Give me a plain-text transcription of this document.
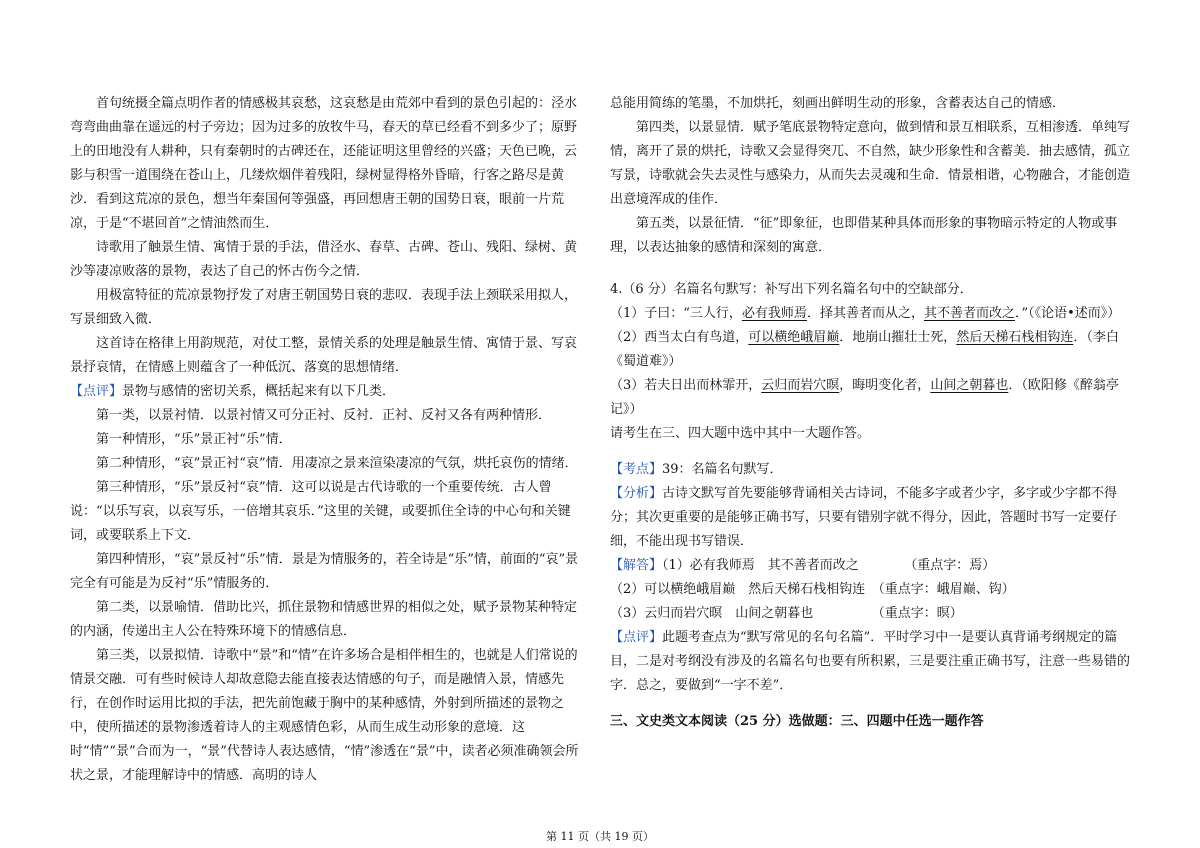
首句统摄全篇点明作者的情感极其哀愁，这哀愁是由荒郊中看到的景色引起的：泾水弯弯曲曲靠在遥远的村子旁边；因为过多的放牧牛马，春天的草已经看不到多少了；原野上的田地没有人耕种，只有秦朝时的古碑还在，还能证明这里曾经的兴盛；天色已晚，云影与积雪一道围绕在苍山上，几缕炊烟伴着残阳，绿树显得格外昏暗，行客之路尽是黄沙．看到这荒凉的景色，想当年秦国何等强盛，再回想唐王朝的国势日衰，眼前一片荒凉，于是“不堪回首”之情油然而生．

诗歌用了触景生情、寓情于景的手法，借泾水、春草、古碑、苍山、残阳、绿树、黄沙等凄凉败落的景物，表达了自己的怀古伤今之情．

用极富特征的荒凉景物抒发了对唐王朝国势日衰的悲叹．表现手法上颈联采用拟人，写景细致入微．

这首诗在格律上用韵规范，对仗工整，景情关系的处理是触景生情、寓情于景、写哀景抒哀情，在情感上则蕴含了一种低沉、落寞的思想情绪．

【点评】景物与感情的密切关系，概括起来有以下几类．

第一类，以景衬情．以景衬情又可分正衬、反衬．正衬、反衬又各有两种情形．

第一种情形，“乐”景正衬“乐”情．

第二种情形，“哀”景正衬“哀”情．用凄凉之景来渲染凄凉的气氛，烘托哀伤的情绪．

第三种情形，“乐”景反衬“哀”情．这可以说是古代诗歌的一个重要传统．古人曾说：“以乐写哀，以哀写乐，一倍增其哀乐．”这里的关键，或要抓住全诗的中心句和关键词，或要联系上下文．

第四种情形，“哀”景反衬“乐”情．景是为情服务的，若全诗是“乐”情，前面的“哀”景完全有可能是为反衬“乐”情服务的．

第二类，以景喻情．借助比兴，抓住景物和情感世界的相似之处，赋予景物某种特定的内涵，传递出主人公在特殊环境下的情感信息．

第三类，以景拟情．诗歌中“景”和“情”在许多场合是相伴相生的，也就是人们常说的情景交融．可有些时候诗人却故意隐去能直接表达情感的句子，而是融情入景，情感先行，在创作时运用比拟的手法，把先前饱藏于胸中的某种感情，外射到所描述的景物之中，使所描述的景物渗透着诗人的主观感情色彩，从而生成生动形象的意境．这时“情”“景”合而为一，“景”代替诗人表达感情，“情”渗透在“景”中，读者必须准确领会所状之景，才能理解诗中的情感．高明的诗人

总能用简练的笔墨，不加烘托，刻画出鲜明生动的形象，含蓄表达自己的情感．

第四类，以景显情．赋予笔底景物特定意向，做到情和景互相联系，互相渗透．单纯写情，离开了景的烘托，诗歌又会显得突兀、不自然，缺少形象性和含蓄美．抽去感情，孤立写景，诗歌就会失去灵性与感染力，从而失去灵魂和生命．情景相谐，心物融合，才能创造出意境浑成的佳作．

第五类，以景征情．“征”即象征，也即借某种具体而形象的事物暗示特定的人物或事理，以表达抽象的感情和深刻的寓意．

4.（6 分）名篇名句默写：补写出下列名篇名句中的空缺部分．

（1）子曰：“三人行，必有我师焉．择其善者而从之，其不善者而改之．”（《论语•述而》）

（2）西当太白有鸟道，可以横绝峨眉巅．地崩山摧壮士死，然后天梯石栈相钩连．（李白《蜀道难》）

（3）若夫日出而林霏开，云归而岩穴暝，晦明变化者，山间之朝暮也．（欧阳修《醉翁亭记》）

请考生在三、四大题中选中其中一大题作答。

【考点】39：名篇名句默写．

【分析】古诗文默写首先要能够背诵相关古诗词，不能多字或者少字，多字或少字都不得分；其次更重要的是能够正确书写，只要有错别字就不得分，因此，答题时书写一定要仔细，不能出现书写错误．

【解答】（1）必有我师焉　其不善者而改之　　　　（重点字：焉）

（2）可以横绝峨眉巅　然后天梯石栈相钩连　（重点字：峨眉巅、钩）

（3）云归而岩穴暝　山间之朝暮也　　　　　（重点字：暝）

【点评】此题考查点为“默写常见的名句名篇”．平时学习中一是要认真背诵考纲规定的篇目，二是对考纲没有涉及的名篇名句也要有所积累，三是要注重正确书写，注意一些易错的字．总之，要做到“一字不差”．

三、文史类文本阅读（25 分）选做题：三、四题中任选一题作答

第 11 页（共 19 页）
